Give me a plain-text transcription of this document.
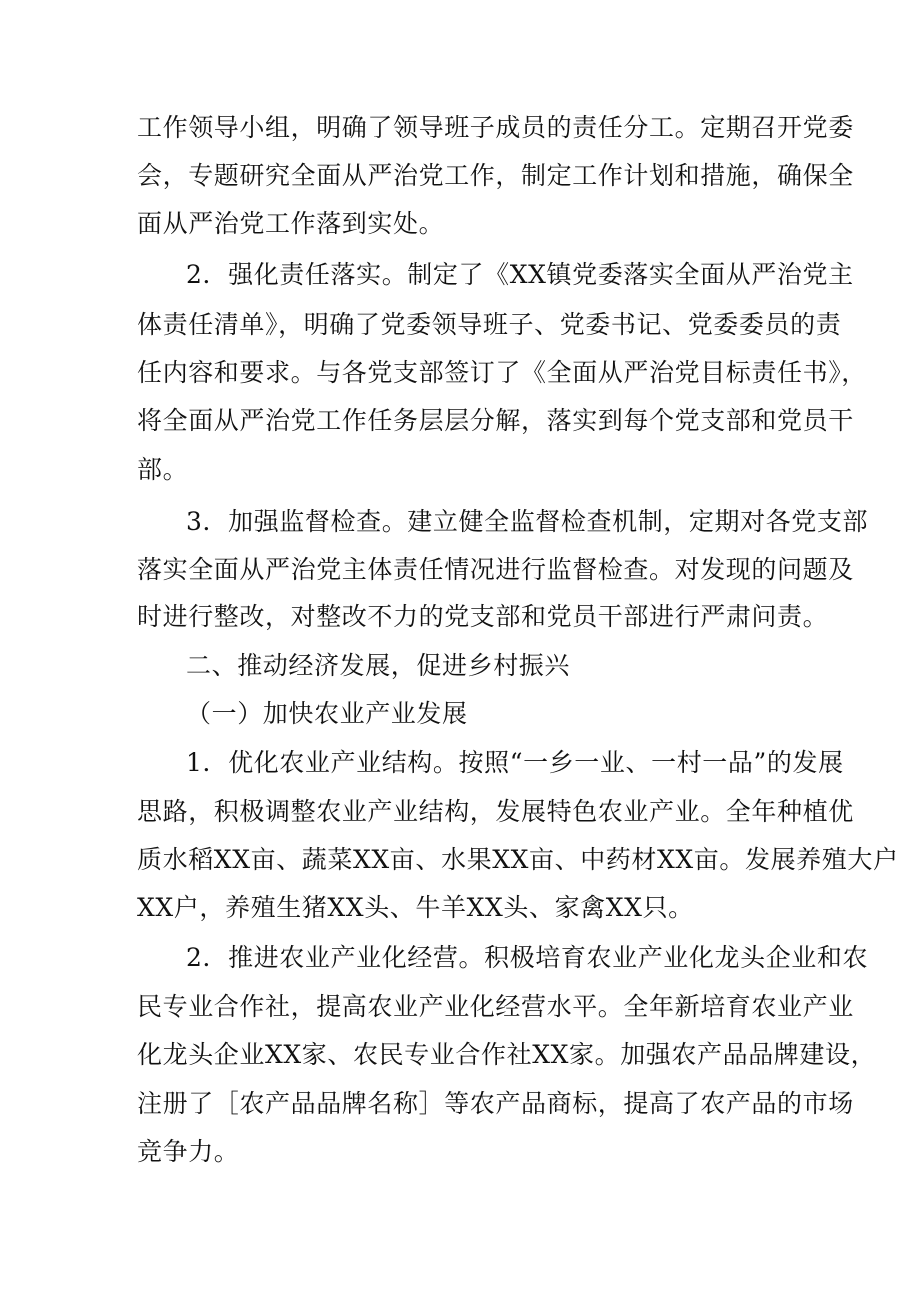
工作领导小组，明确了领导班子成员的责任分工。定期召开党委
会，专题研究全面从严治党工作，制定工作计划和措施，确保全
面从严治党工作落到实处。
2．强化责任落实。制定了《XX镇党委落实全面从严治党主
体责任清单》，明确了党委领导班子、党委书记、党委委员的责
任内容和要求。与各党支部签订了《全面从严治党目标责任书》，
将全面从严治党工作任务层层分解，落实到每个党支部和党员干
部。
3．加强监督检查。建立健全监督检查机制，定期对各党支部
落实全面从严治党主体责任情况进行监督检查。对发现的问题及
时进行整改，对整改不力的党支部和党员干部进行严肃问责。
二、推动经济发展，促进乡村振兴
（一）加快农业产业发展
1．优化农业产业结构。按照“一乡一业、一村一品”的发展
思路，积极调整农业产业结构，发展特色农业产业。全年种植优
质水稻XX亩、蔬菜XX亩、水果XX亩、中药材XX亩。发展养殖大户
XX户，养殖生猪XX头、牛羊XX头、家禽XX只。
2．推进农业产业化经营。积极培育农业产业化龙头企业和农
民专业合作社，提高农业产业化经营水平。全年新培育农业产业
化龙头企业XX家、农民专业合作社XX家。加强农产品品牌建设，
注册了［农产品品牌名称］等农产品商标，提高了农产品的市场
竞争力。
